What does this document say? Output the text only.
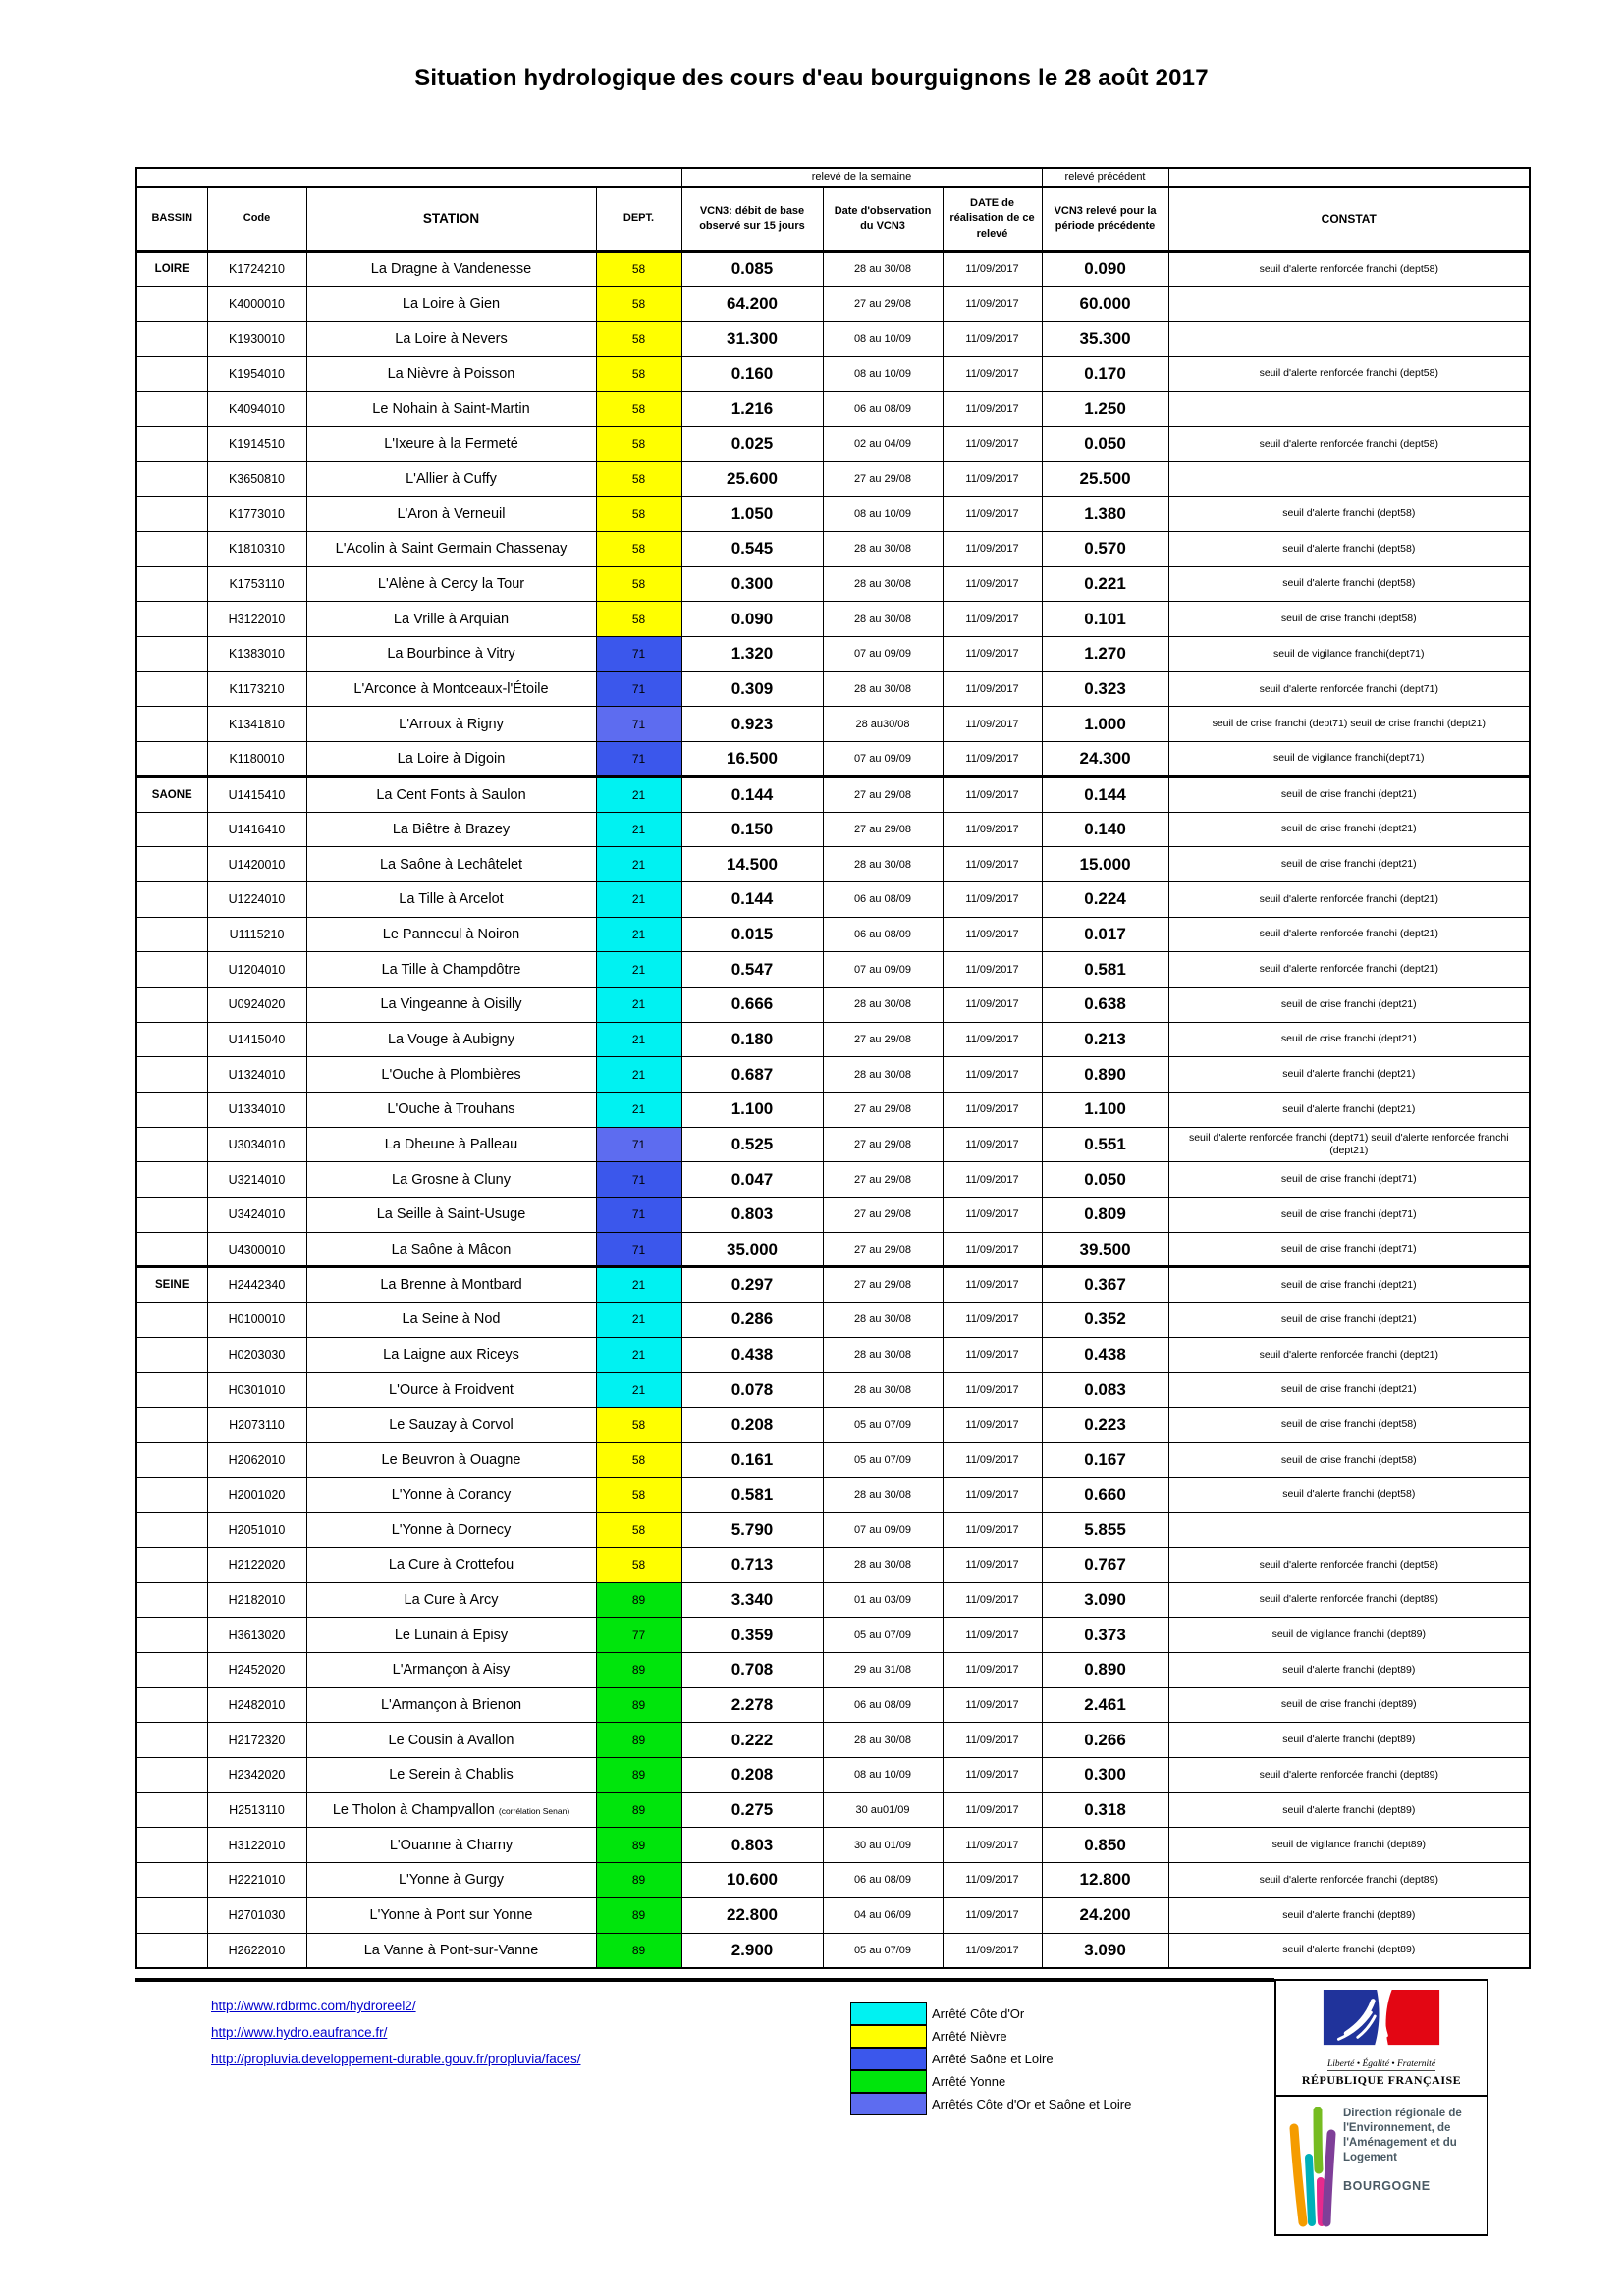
Situation hydrologique des cours d'eau bourguignons le 28 août 2017
				relevé de la semaine			relevé précédent	
BASSIN	Code	STATION	DEPT.	VCN3: débit de base observé sur 15 jours	Date d'observation du VCN3	DATE de réalisation de ce relevé	VCN3 relevé pour la période précédente	CONSTAT
LOIRE	K1724210	La Dragne à Vandenesse	58	0.085	28 au 30/08	11/09/2017	0.090	seuil d'alerte renforcée franchi (dept58)
	K4000010	La Loire à Gien	58	64.200	27 au 29/08	11/09/2017	60.000	
	K1930010	La Loire à Nevers	58	31.300	08 au 10/09	11/09/2017	35.300	
	K1954010	La Nièvre à Poisson	58	0.160	08 au 10/09	11/09/2017	0.170	seuil d'alerte renforcée franchi (dept58)
	K4094010	Le Nohain à Saint-Martin	58	1.216	06 au 08/09	11/09/2017	1.250	
	K1914510	L'Ixeure à la Fermeté	58	0.025	02 au 04/09	11/09/2017	0.050	seuil d'alerte renforcée franchi (dept58)
	K3650810	L'Allier à Cuffy	58	25.600	27 au 29/08	11/09/2017	25.500	
	K1773010	L'Aron à Verneuil	58	1.050	08 au 10/09	11/09/2017	1.380	seuil d'alerte franchi (dept58)
	K1810310	L'Acolin à Saint Germain Chassenay	58	0.545	28 au 30/08	11/09/2017	0.570	seuil d'alerte franchi (dept58)
	K1753110	L'Alène à Cercy la Tour	58	0.300	28 au 30/08	11/09/2017	0.221	seuil d'alerte franchi (dept58)
	H3122010	La Vrille à Arquian	58	0.090	28 au 30/08	11/09/2017	0.101	seuil de crise franchi (dept58)
	K1383010	La Bourbince à Vitry	71	1.320	07 au 09/09	11/09/2017	1.270	seuil de vigilance franchi(dept71)
	K1173210	L'Arconce à Montceaux-l'Étoile	71	0.309	28 au 30/08	11/09/2017	0.323	seuil d'alerte renforcée franchi (dept71)
	K1341810	L'Arroux à Rigny	71	0.923	28 au30/08	11/09/2017	1.000	seuil de crise franchi (dept71) seuil de crise franchi (dept21)
	K1180010	La Loire à Digoin	71	16.500	07 au 09/09	11/09/2017	24.300	seuil de vigilance franchi(dept71)
SAONE	U1415410	La Cent Fonts à Saulon	21	0.144	27 au 29/08	11/09/2017	0.144	seuil de crise franchi (dept21)
	U1416410	La Biêtre à Brazey	21	0.150	27 au 29/08	11/09/2017	0.140	seuil de crise franchi (dept21)
	U1420010	La Saône à Lechâtelet	21	14.500	28 au 30/08	11/09/2017	15.000	seuil de crise franchi (dept21)
	U1224010	La Tille à Arcelot	21	0.144	06 au 08/09	11/09/2017	0.224	seuil d'alerte renforcée franchi (dept21)
	U1115210	Le Pannecul à Noiron	21	0.015	06 au 08/09	11/09/2017	0.017	seuil d'alerte renforcée franchi (dept21)
	U1204010	La Tille à Champdôtre	21	0.547	07 au 09/09	11/09/2017	0.581	seuil d'alerte renforcée franchi (dept21)
	U0924020	La Vingeanne à Oisilly	21	0.666	28 au 30/08	11/09/2017	0.638	seuil de crise franchi (dept21)
	U1415040	La Vouge à Aubigny	21	0.180	27 au 29/08	11/09/2017	0.213	seuil de crise franchi (dept21)
	U1324010	L'Ouche à Plombières	21	0.687	28 au 30/08	11/09/2017	0.890	seuil d'alerte franchi (dept21)
	U1334010	L'Ouche à Trouhans	21	1.100	27 au 29/08	11/09/2017	1.100	seuil d'alerte franchi (dept21)
	U3034010	La Dheune à Palleau	71	0.525	27 au 29/08	11/09/2017	0.551	seuil d'alerte renforcée franchi (dept71) seuil d'alerte renforcée franchi (dept21)
	U3214010	La Grosne à Cluny	71	0.047	27 au 29/08	11/09/2017	0.050	seuil de crise franchi (dept71)
	U3424010	La Seille à Saint-Usuge	71	0.803	27 au 29/08	11/09/2017	0.809	seuil de crise franchi (dept71)
	U4300010	La Saône à Mâcon	71	35.000	27 au 29/08	11/09/2017	39.500	seuil de crise franchi (dept71)
SEINE	H2442340	La Brenne à Montbard	21	0.297	27 au 29/08	11/09/2017	0.367	seuil de crise franchi (dept21)
	H0100010	La Seine à Nod	21	0.286	28 au 30/08	11/09/2017	0.352	seuil de crise franchi (dept21)
	H0203030	La Laigne aux Riceys	21	0.438	28 au 30/08	11/09/2017	0.438	seuil d'alerte renforcée franchi (dept21)
	H0301010	L'Ource à Froidvent	21	0.078	28 au 30/08	11/09/2017	0.083	seuil de crise franchi (dept21)
	H2073110	Le Sauzay à Corvol	58	0.208	05 au 07/09	11/09/2017	0.223	seuil de crise franchi (dept58)
	H2062010	Le Beuvron à Ouagne	58	0.161	05 au 07/09	11/09/2017	0.167	seuil de crise franchi (dept58)
	H2001020	L'Yonne à Corancy	58	0.581	28 au 30/08	11/09/2017	0.660	seuil d'alerte franchi (dept58)
	H2051010	L'Yonne à Dornecy	58	5.790	07 au 09/09	11/09/2017	5.855	
	H2122020	La Cure à Crottefou	58	0.713	28 au 30/08	11/09/2017	0.767	seuil d'alerte renforcée franchi (dept58)
	H2182010	La Cure à Arcy	89	3.340	01 au 03/09	11/09/2017	3.090	seuil d'alerte renforcée franchi (dept89)
	H3613020	Le Lunain à Episy	77	0.359	05 au 07/09	11/09/2017	0.373	seuil de vigilance franchi (dept89)
	H2452020	L'Armançon à Aisy	89	0.708	29 au 31/08	11/09/2017	0.890	seuil d'alerte franchi (dept89)
	H2482010	L'Armançon à Brienon	89	2.278	06 au 08/09	11/09/2017	2.461	seuil de crise franchi (dept89)
	H2172320	Le Cousin à Avallon	89	0.222	28 au 30/08	11/09/2017	0.266	seuil d'alerte franchi (dept89)
	H2342020	Le Serein à Chablis	89	0.208	08 au 10/09	11/09/2017	0.300	seuil d'alerte renforcée franchi (dept89)
	H2513110	Le Tholon à Champvallon (corrélation Senan)	89	0.275	30 au01/09	11/09/2017	0.318	seuil d'alerte franchi (dept89)
	H3122010	L'Ouanne à Charny	89	0.803	30 au 01/09	11/09/2017	0.850	seuil de vigilance franchi (dept89)
	H2221010	L'Yonne à Gurgy	89	10.600	06 au 08/09	11/09/2017	12.800	seuil d'alerte renforcée franchi (dept89)
	H2701030	L'Yonne à Pont sur Yonne	89	22.800	04 au 06/09	11/09/2017	24.200	seuil d'alerte franchi (dept89)
	H2622010	La Vanne à Pont-sur-Vanne	89	2.900	05 au 07/09	11/09/2017	3.090	seuil d'alerte franchi (dept89)
http://www.rdbrmc.com/hydroreel2/
http://www.hydro.eaufrance.fr/
http://propluvia.developpement-durable.gouv.fr/propluvia/faces/
Arrêté Côte d'Or
Arrêté Nièvre
Arrêté Saône et Loire
Arrêté Yonne
Arrêtés Côte d'Or et Saône et Loire
Liberté • Égalité • Fraternité
RÉPUBLIQUE FRANÇAISE
Direction régionale de l'Environnement, de l'Aménagement et du Logement
BOURGOGNE
